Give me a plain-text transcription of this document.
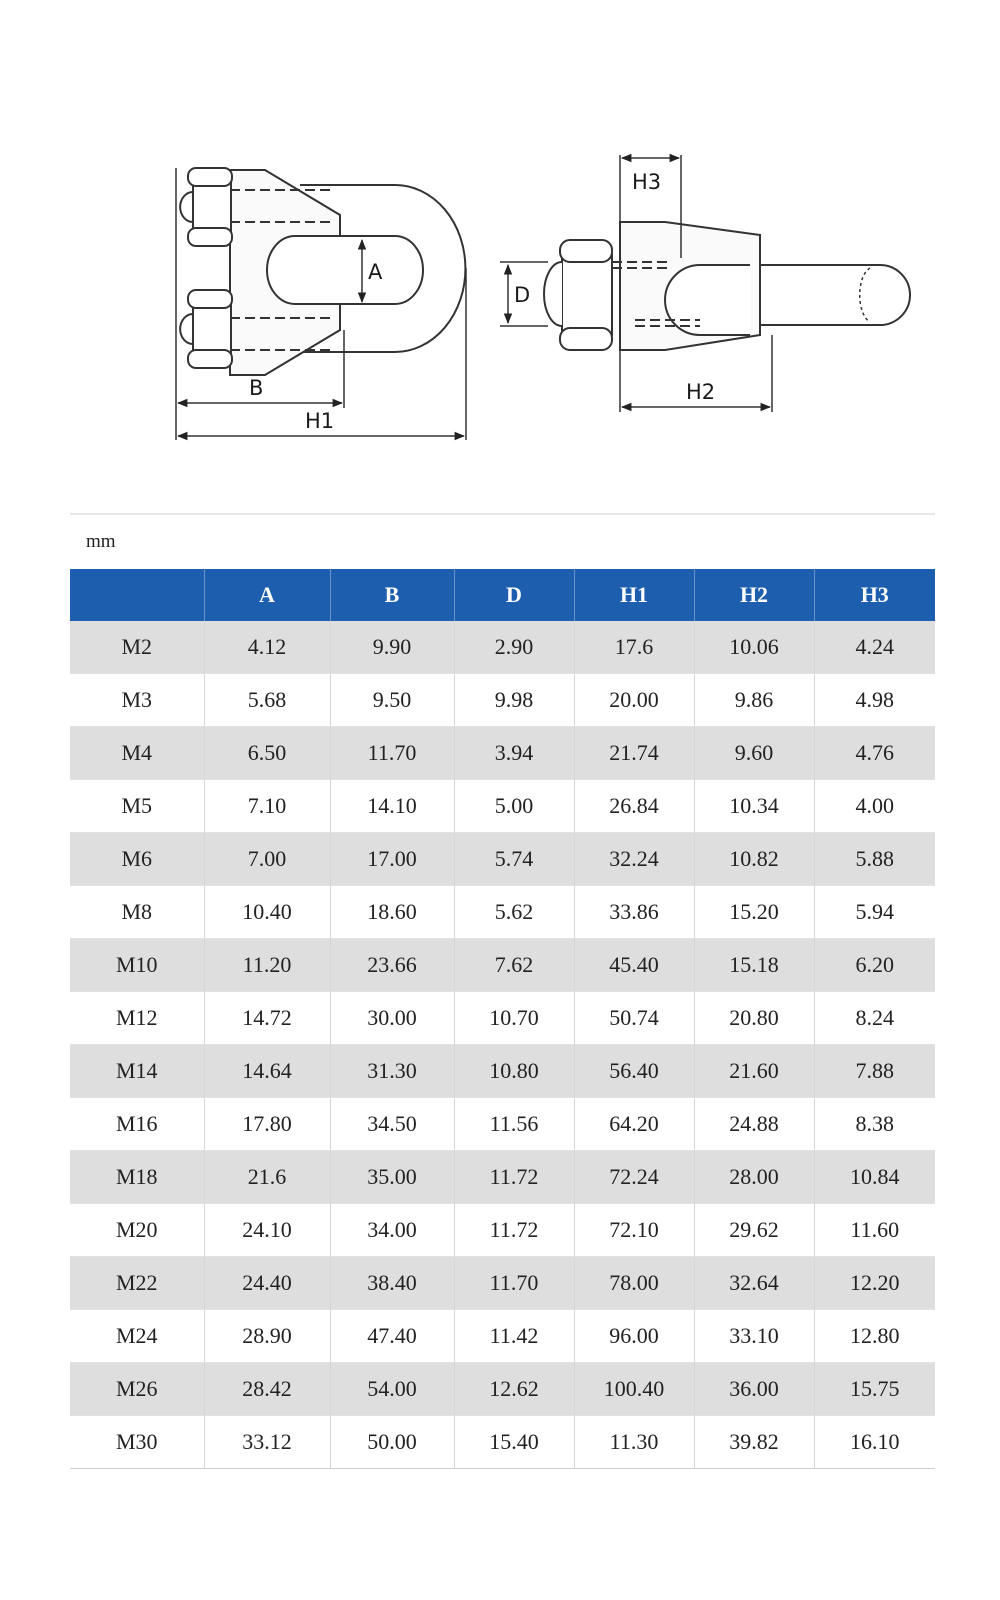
A
B
H1
D
H3
H2
mm
	A	B	D	H1	H2	H3
M2	4.12	9.90	2.90	17.6	10.06	4.24
M3	5.68	9.50	9.98	20.00	9.86	4.98
M4	6.50	11.70	3.94	21.74	9.60	4.76
M5	7.10	14.10	5.00	26.84	10.34	4.00
M6	7.00	17.00	5.74	32.24	10.82	5.88
M8	10.40	18.60	5.62	33.86	15.20	5.94
M10	11.20	23.66	7.62	45.40	15.18	6.20
M12	14.72	30.00	10.70	50.74	20.80	8.24
M14	14.64	31.30	10.80	56.40	21.60	7.88
M16	17.80	34.50	11.56	64.20	24.88	8.38
M18	21.6	35.00	11.72	72.24	28.00	10.84
M20	24.10	34.00	11.72	72.10	29.62	11.60
M22	24.40	38.40	11.70	78.00	32.64	12.20
M24	28.90	47.40	11.42	96.00	33.10	12.80
M26	28.42	54.00	12.62	100.40	36.00	15.75
M30	33.12	50.00	15.40	11.30	39.82	16.10
